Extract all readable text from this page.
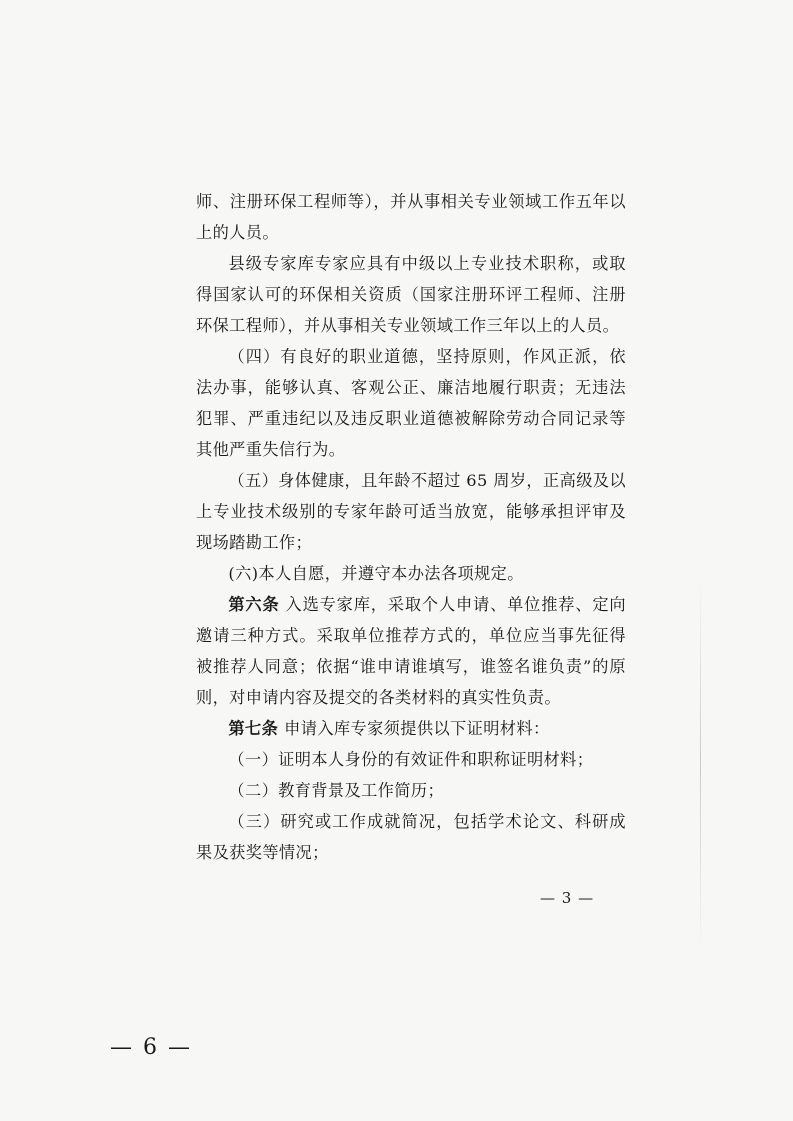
师、注册环保工程师等），并从事相关专业领域工作五年以上的人员。

县级专家库专家应具有中级以上专业技术职称，或取得国家认可的环保相关资质（国家注册环评工程师、注册环保工程师），并从事相关专业领域工作三年以上的人员。

（四）有良好的职业道德，坚持原则，作风正派，依法办事，能够认真、客观公正、廉洁地履行职责；无违法犯罪、严重违纪以及违反职业道德被解除劳动合同记录等其他严重失信行为。

（五）身体健康，且年龄不超过 65 周岁，正高级及以上专业技术级别的专家年龄可适当放宽，能够承担评审及现场踏勘工作；

(六)本人自愿，并遵守本办法各项规定。

第六条 入选专家库，采取个人申请、单位推荐、定向邀请三种方式。采取单位推荐方式的，单位应当事先征得被推荐人同意；依据“谁申请谁填写，谁签名谁负责”的原则，对申请内容及提交的各类材料的真实性负责。

第七条 申请入库专家须提供以下证明材料：

（一）证明本人身份的有效证件和职称证明材料；

（二）教育背景及工作简历；

（三）研究或工作成就简况，包括学术论文、科研成果及获奖等情况；

— 3 —
— 6 —
